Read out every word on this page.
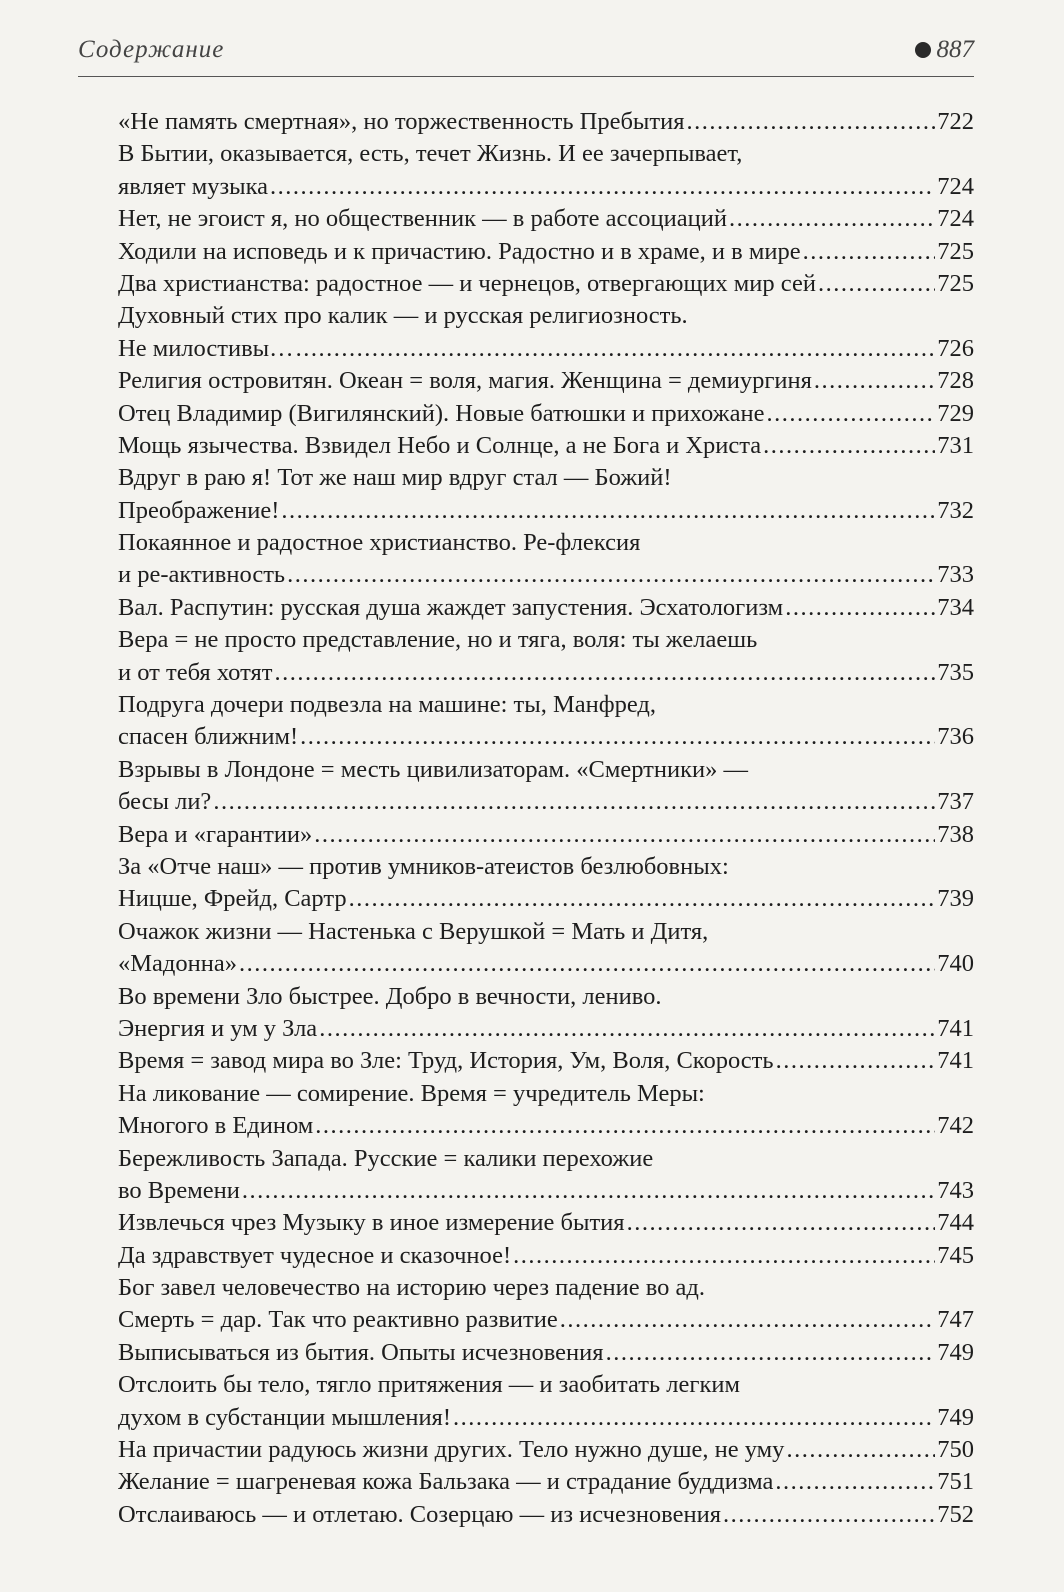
Содержание	887
«Не память смертная», но торжественность Пребытия .....	722
В Бытии, оказывается, есть, течет Жизнь. И ее зачерпывает,
являет музыка .....	724
Нет, не эгоист я, но общественник — в работе ассоциаций .....	724
Ходили на исповедь и к причастию. Радостно и в храме, и в мире .....	725
Два христианства: радостное — и чернецов, отвергающих мир сей .....	725
Духовный стих про калик — и русская религиозность.
Не милостивы… .....	726
Религия островитян. Океан = воля, магия. Женщина = демиургиня .....	728
Отец Владимир (Вигилянский). Новые батюшки и прихожане .....	729
Мощь язычества. Взвидел Небо и Солнце, а не Бога и Христа .....	731
Вдруг в раю я! Тот же наш мир вдруг стал — Божий!
Преображение! .....	732
Покаянное и радостное христианство. Ре-флексия
и ре-активность .....	733
Вал. Распутин: русская душа жаждет запустения. Эсхатологизм .....	734
Вера = не просто представление, но и тяга, воля: ты желаешь
и от тебя хотят .....	735
Подруга дочери подвезла на машине: ты, Манфред,
спасен ближним! .....	736
Взрывы в Лондоне = месть цивилизаторам. «Смертники» —
бесы ли? .....	737
Вера и «гарантии» .....	738
За «Отче наш» — против умников-атеистов безлюбовных:
Ницше, Фрейд, Сартр .....	739
Очажок жизни — Настенька с Верушкой = Мать и Дитя,
«Мадонна» .....	740
Во времени Зло быстрее. Добро в вечности, лениво.
Энергия и ум у Зла .....	741
Время = завод мира во Зле: Труд, История, Ум, Воля, Скорость .....	741
На ликование — сомирение. Время = учредитель Меры:
Многого в Едином .....	742
Бережливость Запада. Русские = калики перехожие
во Времени .....	743
Извлечься чрез Музыку в иное измерение бытия .....	744
Да здравствует чудесное и сказочное! .....	745
Бог завел человечество на историю через падение во ад.
Смерть = дар. Так что реактивно развитие .....	747
Выписываться из бытия. Опыты исчезновения .....	749
Отслоить бы тело, тягло притяжения — и заобитать легким
духом в субстанции мышления! .....	749
На причастии радуюсь жизни других. Тело нужно душе, не уму .....	750
Желание = шагреневая кожа Бальзака — и страдание буддизма .....	751
Отслаиваюсь — и отлетаю. Созерцаю — из исчезновения .....	752
